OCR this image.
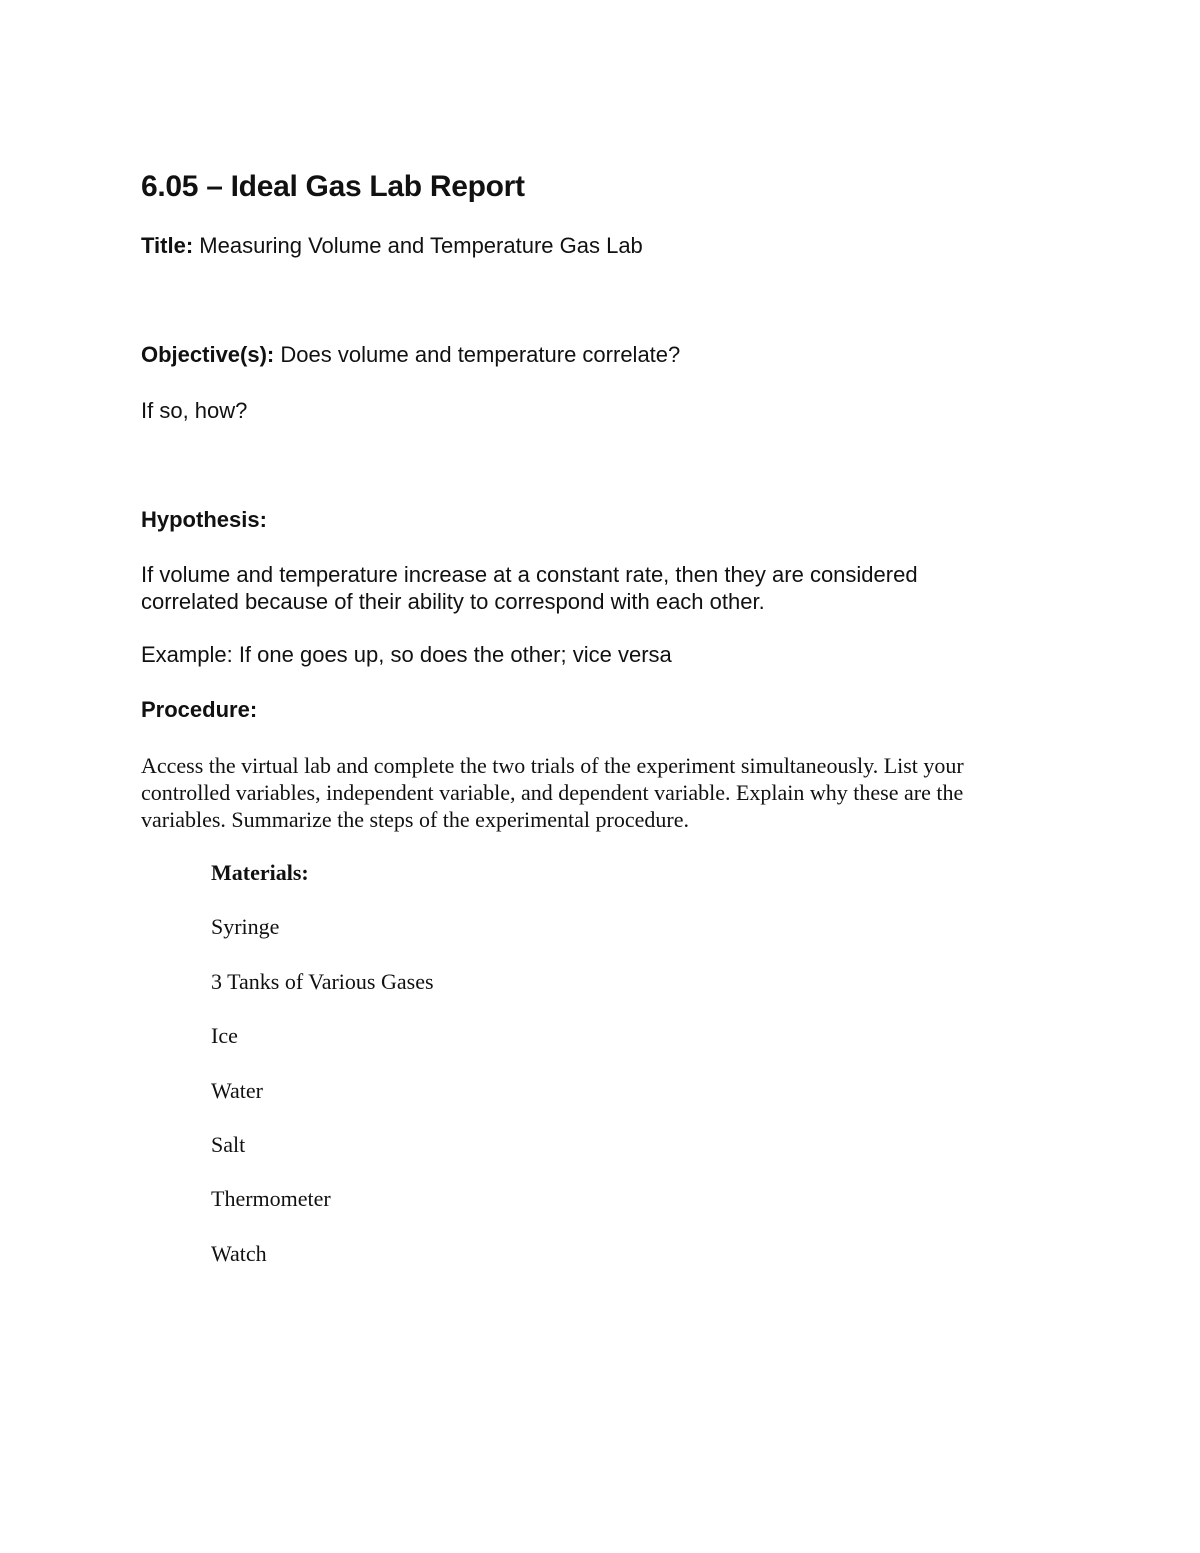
6.05 – Ideal Gas Lab Report
Title: Measuring Volume and Temperature Gas Lab
Objective(s): Does volume and temperature correlate?
If so, how?
Hypothesis:
If volume and temperature increase at a constant rate, then they are considered
correlated because of their ability to correspond with each other.
Example: If one goes up, so does the other; vice versa
Procedure:
Access the virtual lab and complete the two trials of the experiment simultaneously. List your
controlled variables, independent variable, and dependent variable. Explain why these are the
variables. Summarize the steps of the experimental procedure.
Materials:
Syringe
3 Tanks of Various Gases
Ice
Water
Salt
Thermometer
Watch
